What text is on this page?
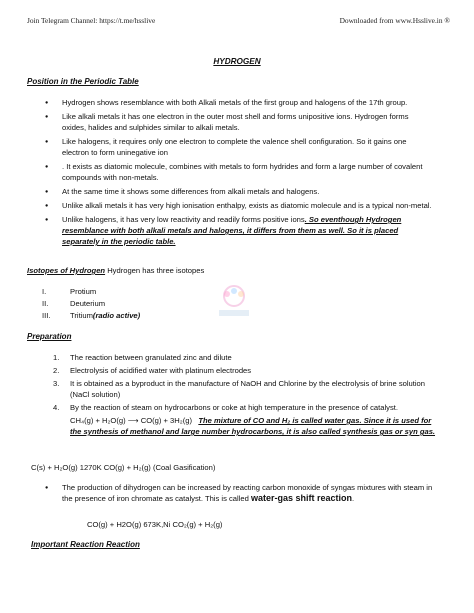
Join Telegram Channel: https://t.me/hsslive	Downloaded from www.Hsslive.in ®
HYDROGEN
Position in the Periodic Table
● Hydrogen shows resemblance with both Alkali metals of the first group and halogens of the 17th group.
● Like alkali metals it has one electron in the outer most shell and forms unipositive ions. Hydrogen forms oxides, halides and sulphides similar to alkali metals.
● Like halogens, it requires only one electron to complete the valence shell configuration. So it gains one electron to form uninegative ion
● . It exists as diatomic molecule, combines with metals to form hydrides and form a large number of covalent compounds with non-metals.
● At the same time it shows some differences from alkali metals and halogens.
● Unlike alkali metals it has very high ionisation enthalpy, exists as diatomic molecule and is a typical non-metal.
● Unlike halogens, it has very low reactivity and readily forms positive ions. So eventhough Hydrogen resemblance with both alkali metals and halogens, it differs from them as well. So it is placed separately in the periodic table.
Isotopes of Hydrogen Hydrogen has three isotopes
I.	Protium
II.	Deuterium
III.	Tritium(radio active)
Preparation
1. The reaction between granulated zinc and dilute
2. Electrolysis of acidified water with platinum electrodes
3. It is obtained as a byproduct in the manufacture of NaOH and Chlorine by the electrolysis of brine solution (NaCl solution)
4. By the reaction of steam on hydrocarbons or coke at high temperature in the presence of catalyst.
CH₄(g) + H₂O(g) ⟶ CO(g) + 3H₂(g) The mixture of CO and H₂ is called water gas. Since it is used for the synthesis of methanol and large number hydrocarbons, it is also called synthesis gas or syn gas.
C(s) + H₂O(g) 1270K CO(g) + H₂(g) (Coal Gasification)
● The production of dihydrogen can be increased by reacting carbon monoxide of syngas mixtures with steam in the presence of iron chromate as catalyst. This is called water-gas shift reaction.
CO(g) + H2O(g) 673K,Ni CO₂(g) + H₂(g)
Important Reaction Reaction
